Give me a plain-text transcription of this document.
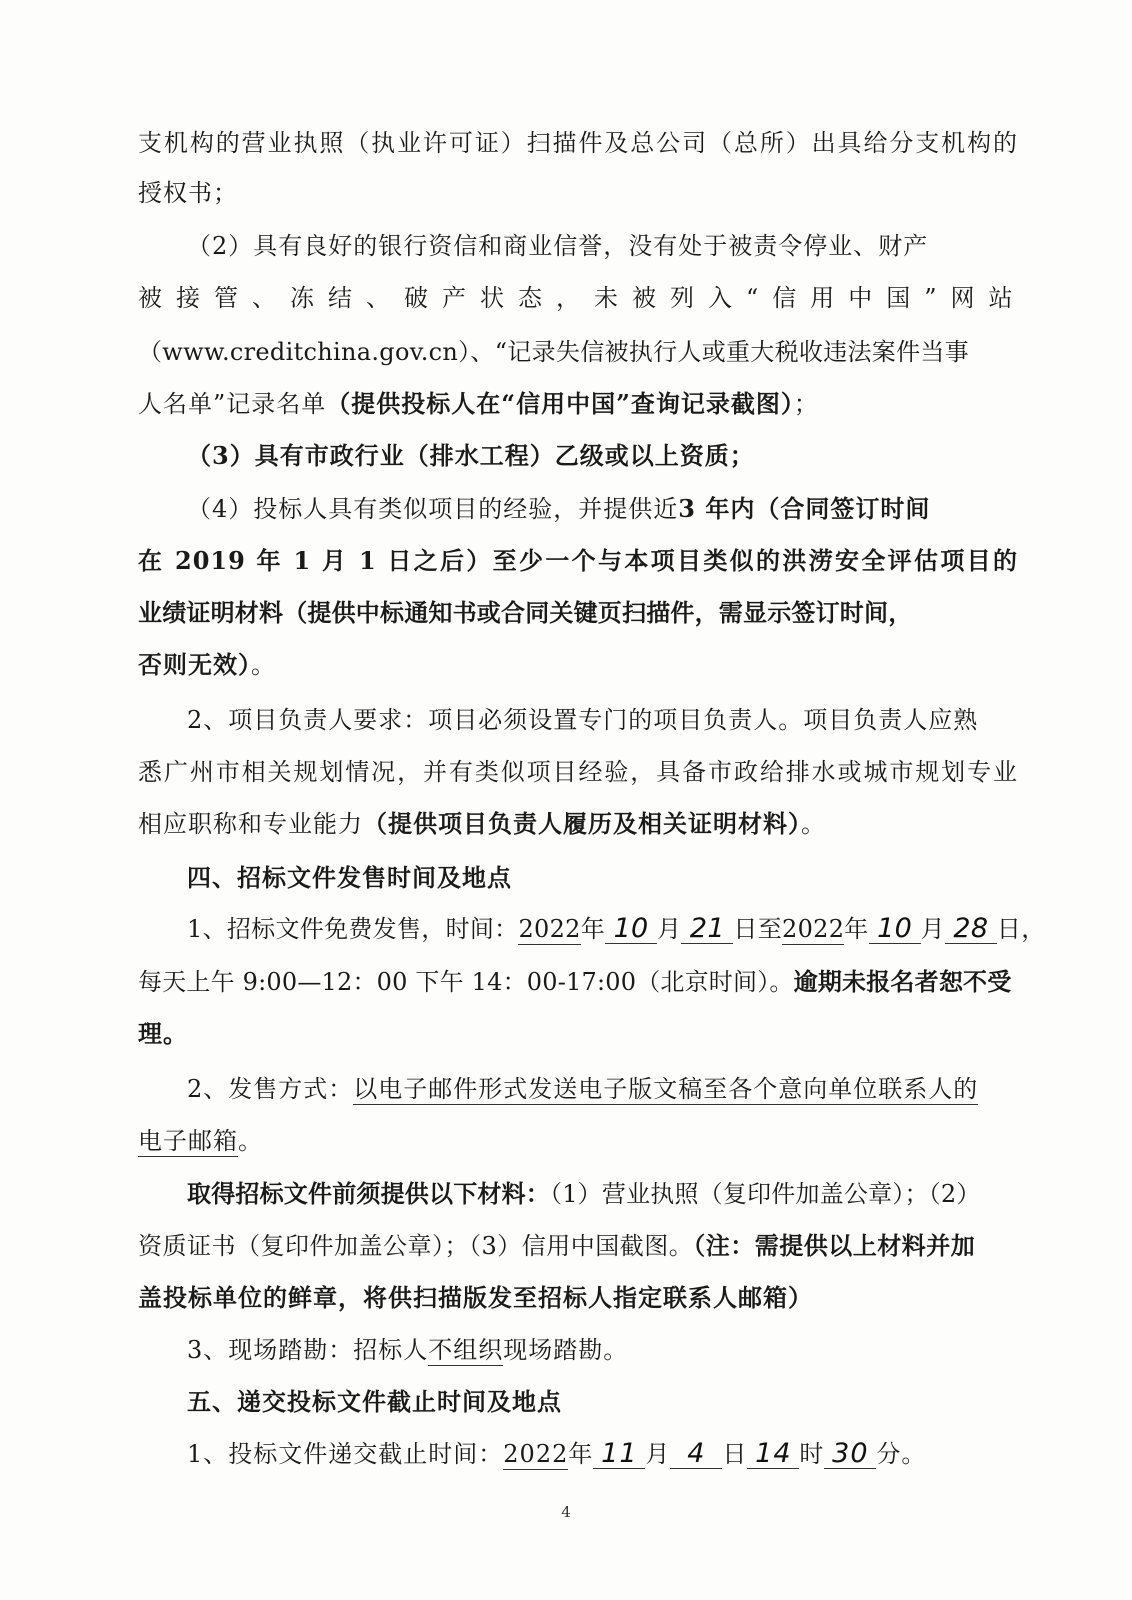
支机构的营业执照（执业许可证）扫描件及总公司（总所）出具给分支机构的
授权书；
（2）具有良好的银行资信和商业信誉，没有处于被责令停业、财产
被接管、冻结、破产状态，未被列入“信用中国”网站
（www.creditchina.gov.cn）、“记录失信被执行人或重大税收违法案件当事
人名单”记录名单（提供投标人在“信用中国”查询记录截图）；
（3）具有市政行业（排水工程）乙级或以上资质；
（4）投标人具有类似项目的经验，并提供近3 年内（合同签订时间
在 2019 年 1 月 1 日之后）至少一个与本项目类似的洪涝安全评估项目的
业绩证明材料（提供中标通知书或合同关键页扫描件，需显示签订时间，
否则无效）。
2、项目负责人要求：项目必须设置专门的项目负责人。项目负责人应熟
悉广州市相关规划情况，并有类似项目经验，具备市政给排水或城市规划专业
相应职称和专业能力（提供项目负责人履历及相关证明材料）。
四、招标文件发售时间及地点
1、招标文件免费发售，时间：2022年 10 月 21 日至2022年 10 月 28 日，
每天上午 9:00—12：00 下午 14：00-17:00（北京时间）。逾期未报名者恕不受
理。
2、发售方式：以电子邮件形式发送电子版文稿至各个意向单位联系人的
电子邮箱。
取得招标文件前须提供以下材料：（1）营业执照（复印件加盖公章）；（2）
资质证书（复印件加盖公章）；（3）信用中国截图。（注：需提供以上材料并加
盖投标单位的鲜章，将供扫描版发至招标人指定联系人邮箱）
3、现场踏勘：招标人不组织现场踏勘。
五、递交投标文件截止时间及地点
1、投标文件递交截止时间：2022年 11 月 4 日 14 时 30 分。
4
